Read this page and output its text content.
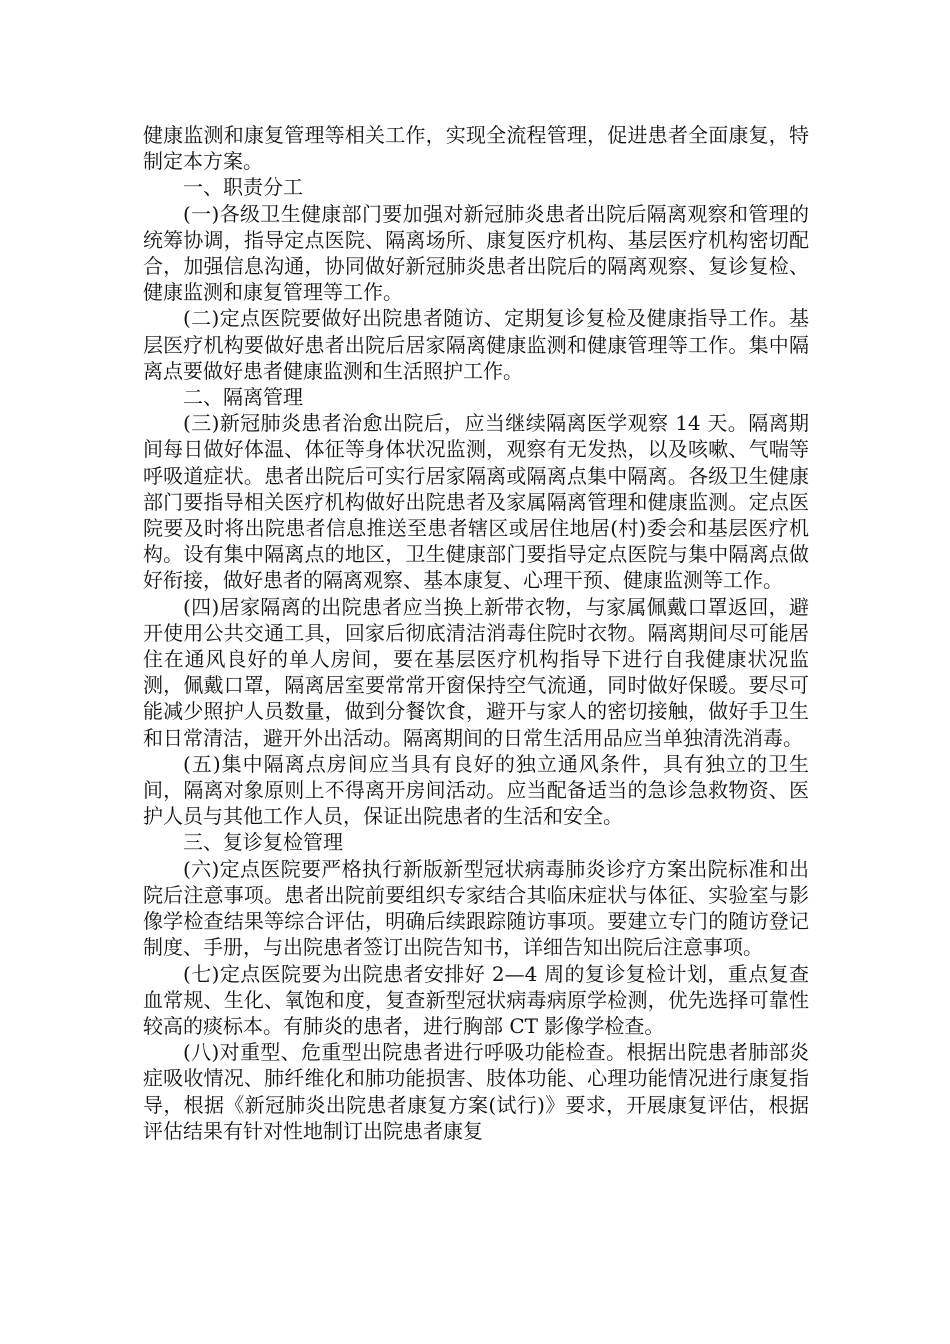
健康监测和康复管理等相关工作，实现全流程管理，促进患者全面康复，特制定本方案。

一、职责分工

(一)各级卫生健康部门要加强对新冠肺炎患者出院后隔离观察和管理的统筹协调，指导定点医院、隔离场所、康复医疗机构、基层医疗机构密切配合，加强信息沟通，协同做好新冠肺炎患者出院后的隔离观察、复诊复检、健康监测和康复管理等工作。

(二)定点医院要做好出院患者随访、定期复诊复检及健康指导工作。基层医疗机构要做好患者出院后居家隔离健康监测和健康管理等工作。集中隔离点要做好患者健康监测和生活照护工作。

二、隔离管理

(三)新冠肺炎患者治愈出院后，应当继续隔离医学观察 14 天。隔离期间每日做好体温、体征等身体状况监测，观察有无发热，以及咳嗽、气喘等呼吸道症状。患者出院后可实行居家隔离或隔离点集中隔离。各级卫生健康部门要指导相关医疗机构做好出院患者及家属隔离管理和健康监测。定点医院要及时将出院患者信息推送至患者辖区或居住地居(村)委会和基层医疗机构。设有集中隔离点的地区，卫生健康部门要指导定点医院与集中隔离点做好衔接，做好患者的隔离观察、基本康复、心理干预、健康监测等工作。

(四)居家隔离的出院患者应当换上新带衣物，与家属佩戴口罩返回，避开使用公共交通工具，回家后彻底清洁消毒住院时衣物。隔离期间尽可能居住在通风良好的单人房间，要在基层医疗机构指导下进行自我健康状况监测，佩戴口罩，隔离居室要常常开窗保持空气流通，同时做好保暖。要尽可能减少照护人员数量，做到分餐饮食，避开与家人的密切接触，做好手卫生和日常清洁，避开外出活动。隔离期间的日常生活用品应当单独清洗消毒。

(五)集中隔离点房间应当具有良好的独立通风条件，具有独立的卫生间，隔离对象原则上不得离开房间活动。应当配备适当的急诊急救物资、医护人员与其他工作人员，保证出院患者的生活和安全。

三、复诊复检管理

(六)定点医院要严格执行新版新型冠状病毒肺炎诊疗方案出院标准和出院后注意事项。患者出院前要组织专家结合其临床症状与体征、实验室与影像学检查结果等综合评估，明确后续跟踪随访事项。要建立专门的随访登记制度、手册，与出院患者签订出院告知书，详细告知出院后注意事项。

(七)定点医院要为出院患者安排好 2—4 周的复诊复检计划，重点复查血常规、生化、氧饱和度，复查新型冠状病毒病原学检测，优先选择可靠性较高的痰标本。有肺炎的患者，进行胸部 CT 影像学检查。

(八)对重型、危重型出院患者进行呼吸功能检查。根据出院患者肺部炎症吸收情况、肺纤维化和肺功能损害、肢体功能、心理功能情况进行康复指导，根据《新冠肺炎出院患者康复方案(试行)》要求，开展康复评估，根据评估结果有针对性地制订出院患者康复
